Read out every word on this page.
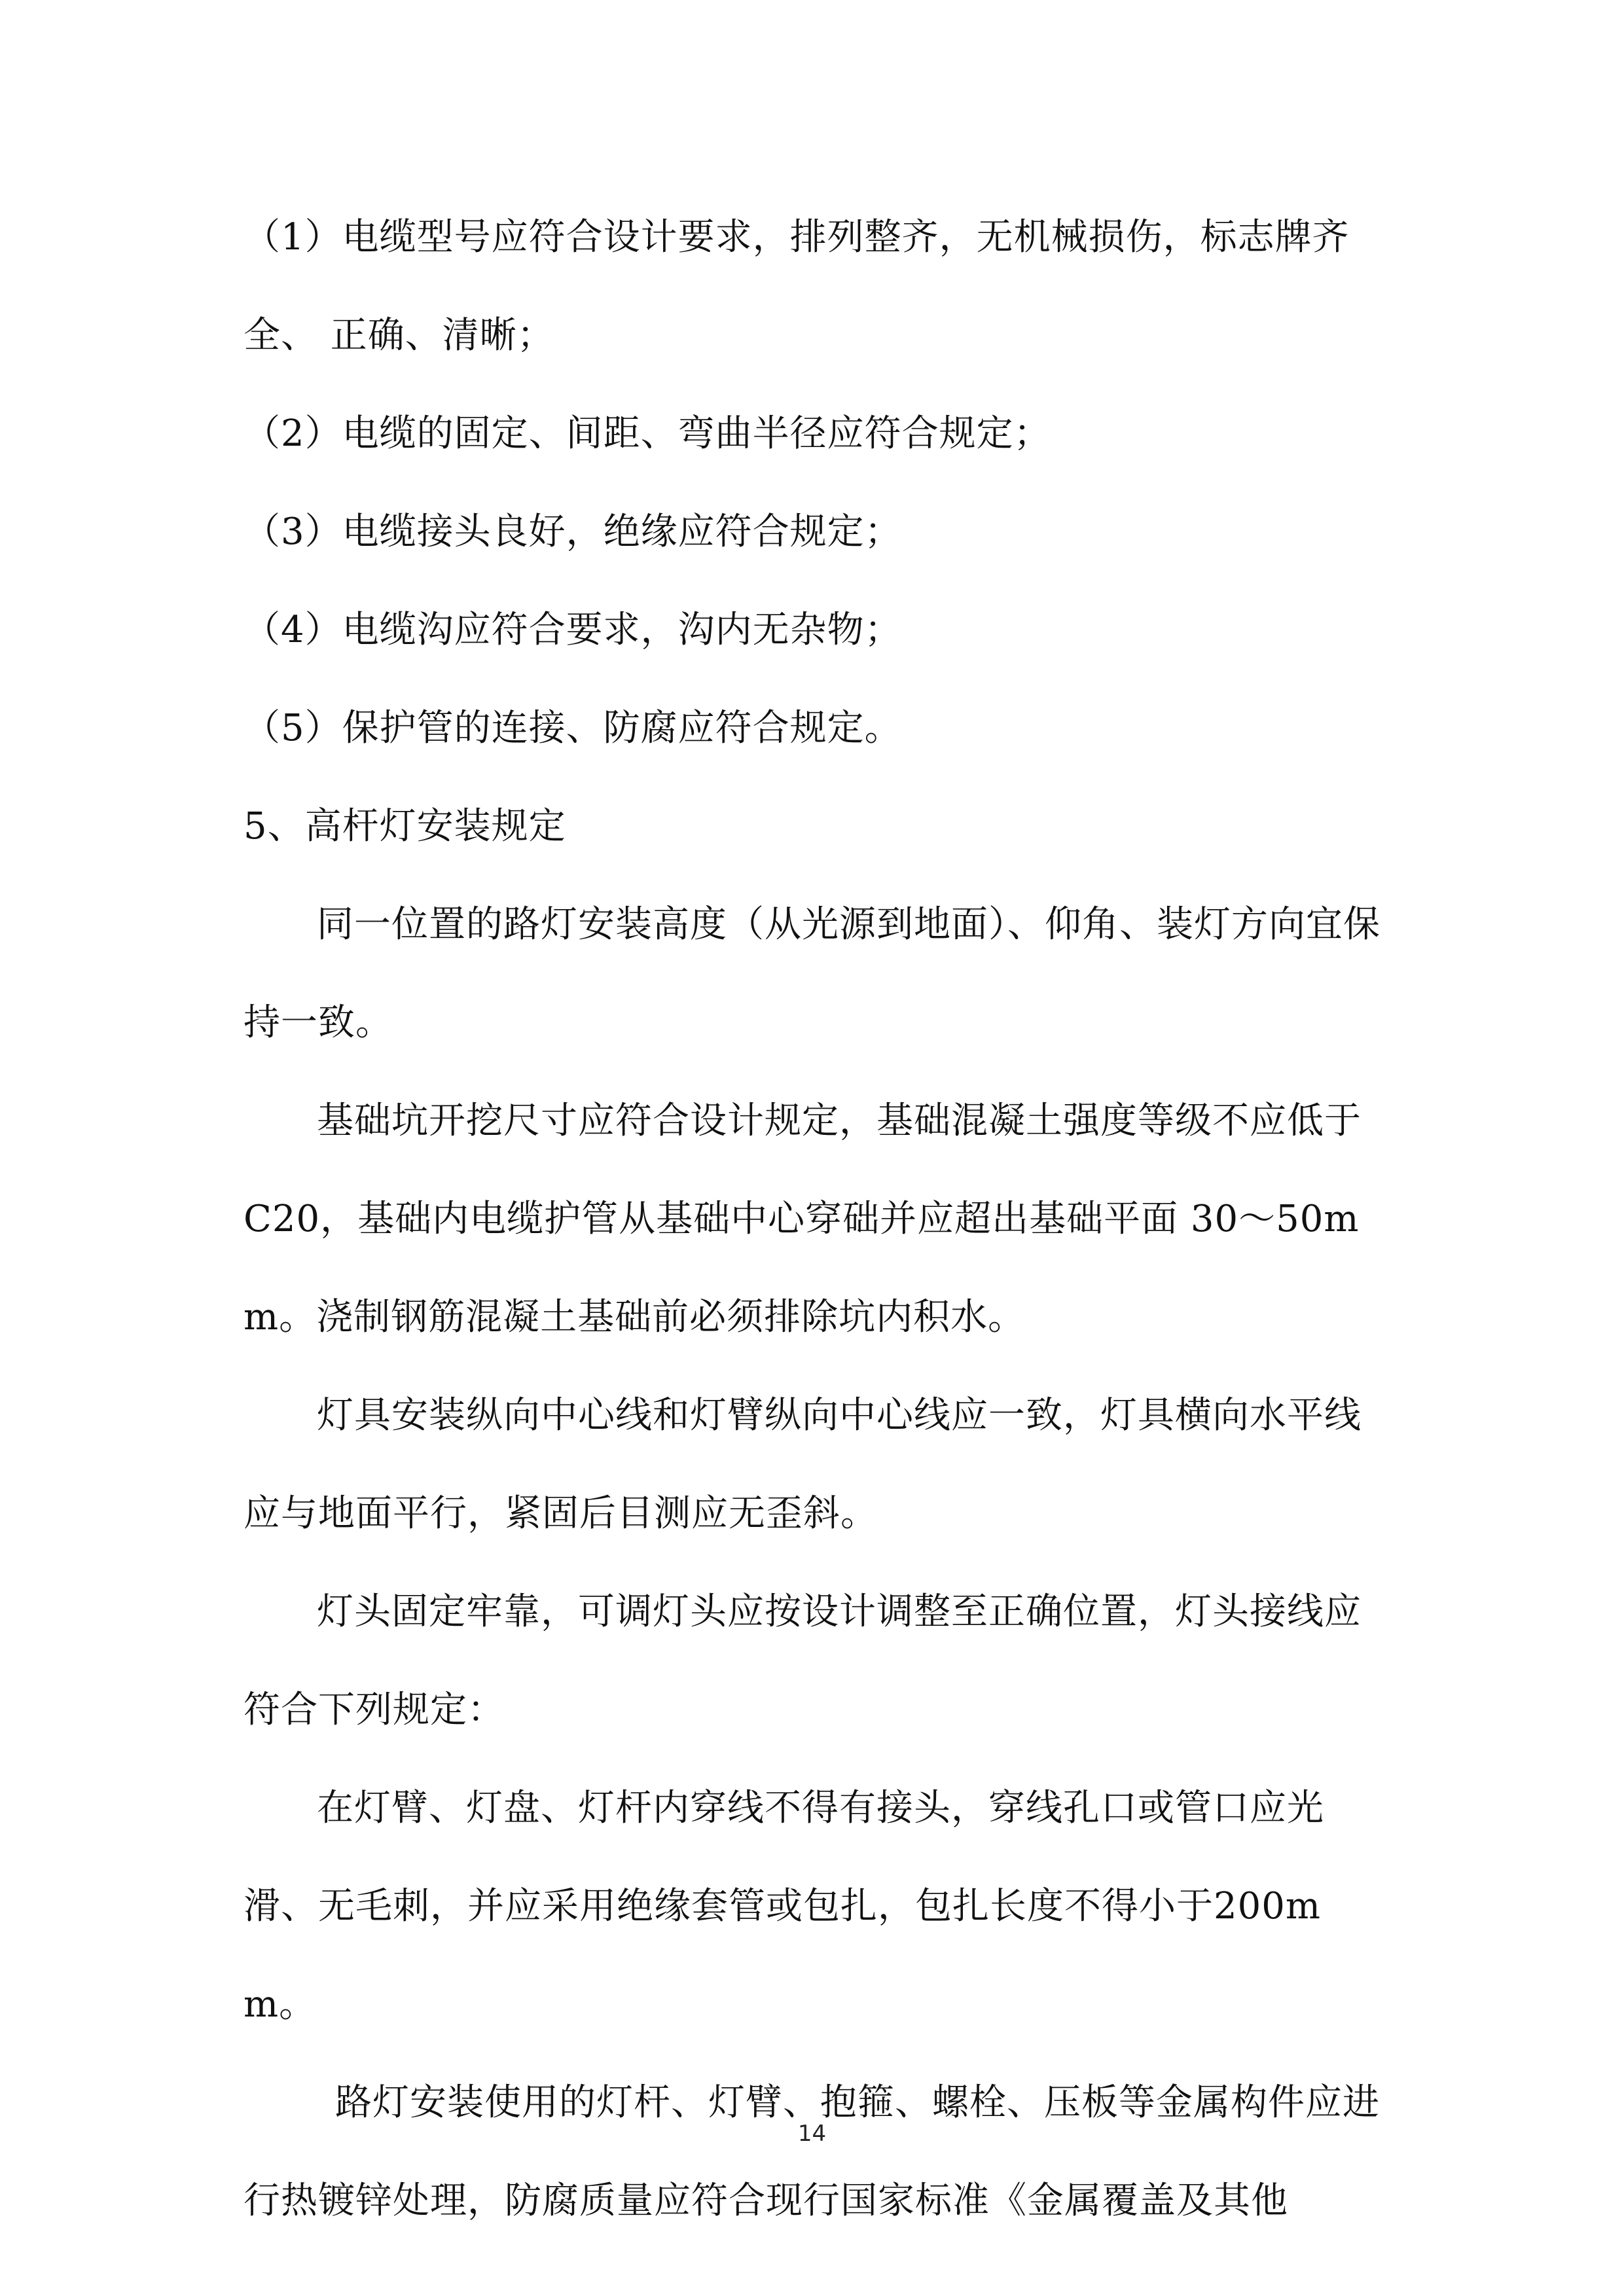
（1）电缆型号应符合设计要求，排列整齐，无机械损伤，标志牌齐全、 正确、清晰；

（2）电缆的固定、间距、弯曲半径应符合规定；

（3）电缆接头良好，绝缘应符合规定；

（4）电缆沟应符合要求，沟内无杂物；

（5）保护管的连接、防腐应符合规定。

5、高杆灯安装规定

同一位置的路灯安装高度（从光源到地面）、仰角、装灯方向宜保持一致。

基础坑开挖尺寸应符合设计规定，基础混凝土强度等级不应低于 C20，基础内电缆护管从基础中心穿础并应超出基础平面 30～50mm。浇制钢筋混凝土基础前必须排除坑内积水。

灯具安装纵向中心线和灯臂纵向中心线应一致，灯具横向水平线应与地面平行，紧固后目测应无歪斜。

灯头固定牢靠，可调灯头应按设计调整至正确位置，灯头接线应符合下列规定：

在灯臂、灯盘、灯杆内穿线不得有接头，穿线孔口或管口应光滑、无毛刺，并应采用绝缘套管或包扎，包扎长度不得小于200mm。

路灯安装使用的灯杆、灯臂、抱箍、螺栓、压板等金属构件应进行热镀锌处理，防腐质量应符合现行国家标准《金属覆盖及其他

14
